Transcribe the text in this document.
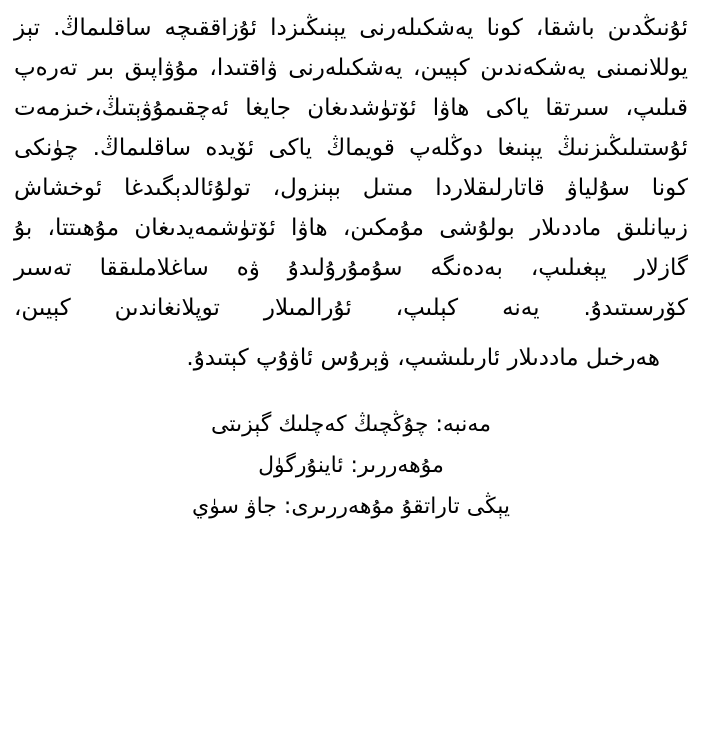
ئۇنىڭدىن باشقا، كونا يەشكىلەرنى يېنىڭىزدا ئۇزاققىچە ساقلىماڭ. تېز يوللانمىنى يەشكەندىن كېيىن، يەشكىلەرنى ۋاقتىدا، مۇۋاپىق بىر تەرەپ قىلىپ، سىرتقا ياكى ھاۋا ئۆتۈشدىغان جايغا ئەچقىمۇۋېتىڭ،خىزمەت ئۇستىلىڭىزنىڭ يېنىغا دوڭلەپ قويماڭ ياكى ئۆيدە ساقلىماڭ. چۈنكى كونا سۇلياۋ قاتارلىقلاردا مىتىل بېنزول، تولۇئالدېگىدغا ئوخشاش زىيانلىق ماددىلار بولۇشى مۇمكىن، ھاۋا ئۆتۈشمەيدىغان مۇھىتتا، بۇ گازلار يېغىلىپ، بەدەنگە سۇمۇرۇلىدۇ ۋە ساغلاملىققا تەسىر كۆرسىتىدۇ. يەنە كېلىپ، ئۇرالمىلار توپلانغاندىن كېيىن،
ھەرخىل ماددىلار ئارىلىشىپ، ۋېرۇس ئاۋۇپ كېتىدۇ.
مەنبە: چۇڭچىڭ كەچلىك گېزىتى
مۇھەررىر: ئاينۇرگۈل
يېڭى تاراتقۇ مۇھەررىرى: جاۋ سۈي
